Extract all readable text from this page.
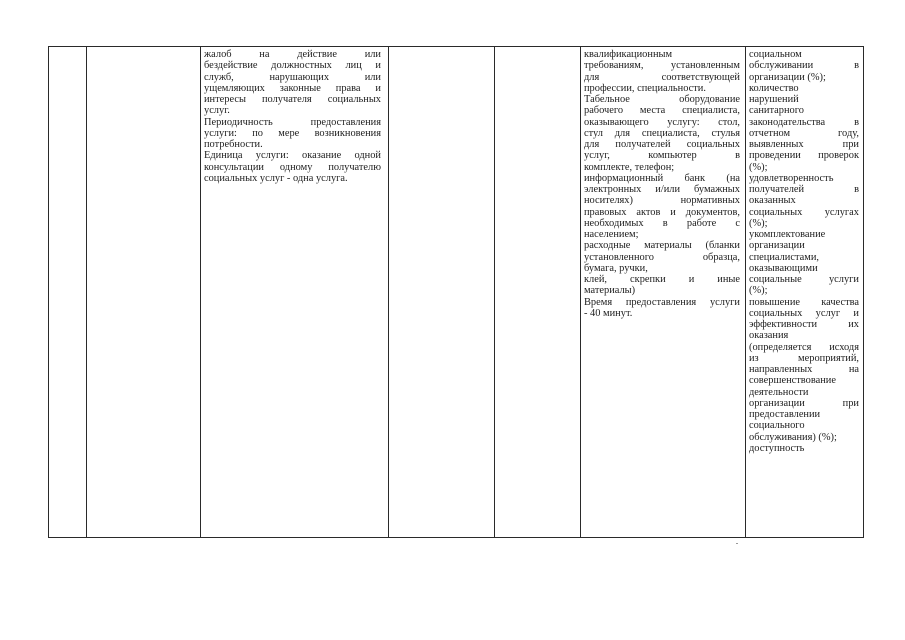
жалоб на действие или
бездействие должностных лиц и
служб, нарушающих или
ущемляющих законные права и
интересы получателя социальных
услуг.
Периодичность предоставления
услуги: по мере возникновения
потребности.
Единица услуги: оказание одной
консультации одному получателю
социальных услуг - одна услуга.
квалификационным
требованиям, установленным
для соответствующей
профессии, специальности.
Табельное оборудование
рабочего места специалиста,
оказывающего услугу: стол,
стул для специалиста, стулья
для получателей социальных
услуг, компьютер в
комплекте, телефон;
информационный банк (на
электронных и/или бумажных
носителях) нормативных
правовых актов и документов,
необходимых в работе с
населением;
расходные материалы (бланки
установленного образца,
бумага, ручки,
клей, скрепки и иные
материалы)
Время предоставления услуги
- 40 минут.
социальном
обслуживании в
организации (%);
количество
нарушений
санитарного
законодательства в
отчетном году,
выявленных при
проведении проверок
(%);
удовлетворенность
получателей в
оказанных
социальных услугах
(%);
укомплектование
организации
специалистами,
оказывающими
социальные услуги
(%);
повышение качества
социальных услуг и
эффективности их
оказания
(определяется исходя
из мероприятий,
направленных на
совершенствование
деятельности
организации при
предоставлении
социального
обслуживания) (%);
доступность
